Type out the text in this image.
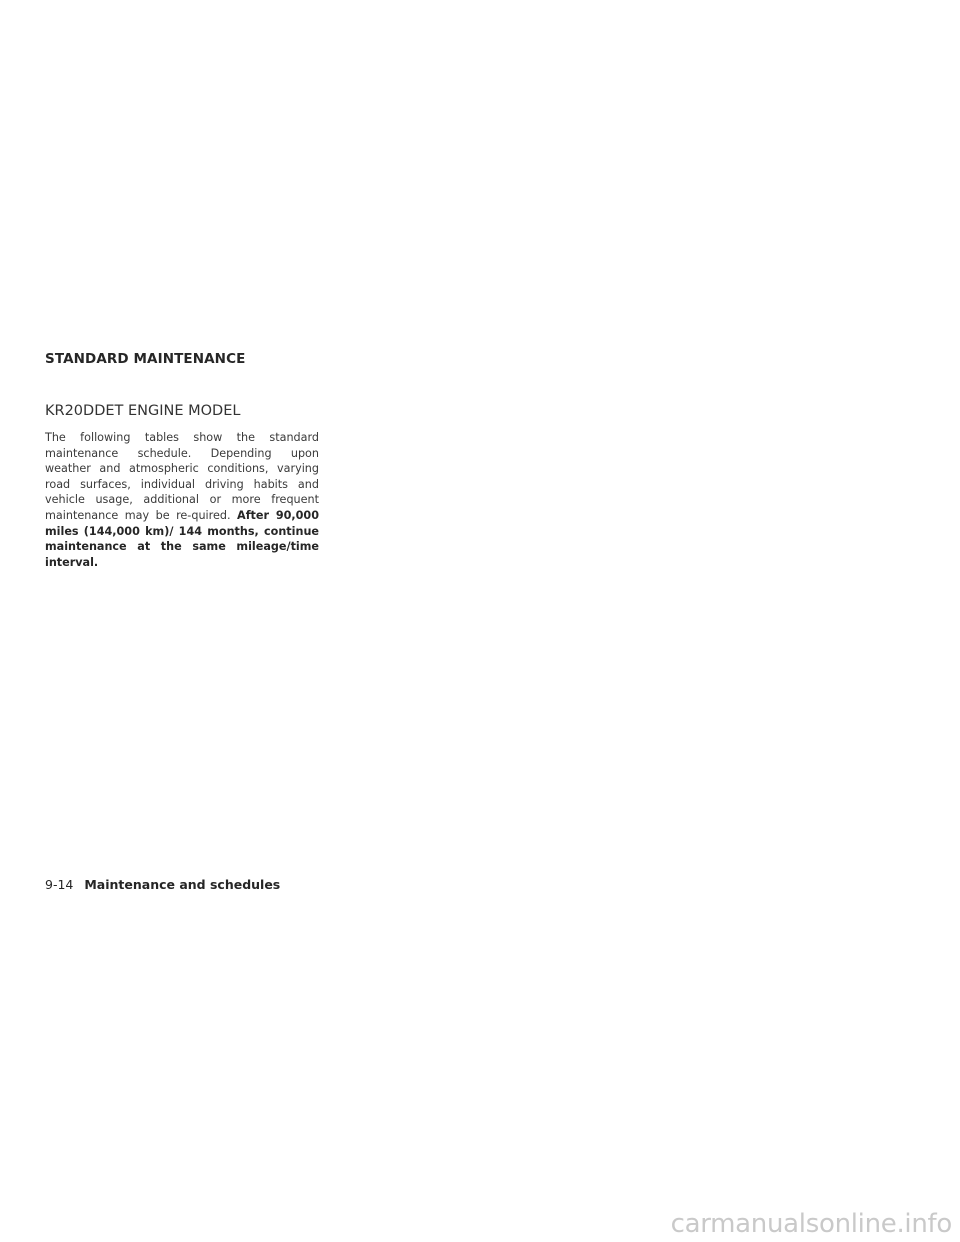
STANDARD MAINTENANCE
KR20DDET ENGINE MODEL

The following tables show the standard maintenance schedule. Depending upon weather and atmospheric conditions, varying road surfaces, individual driving habits and vehicle usage, additional or more frequent maintenance may be re-quired. After 90,000 miles (144,000 km)/ 144 months, continue maintenance at the same mileage/time interval.

9-14 Maintenance and schedules
carmanualsonline.info
